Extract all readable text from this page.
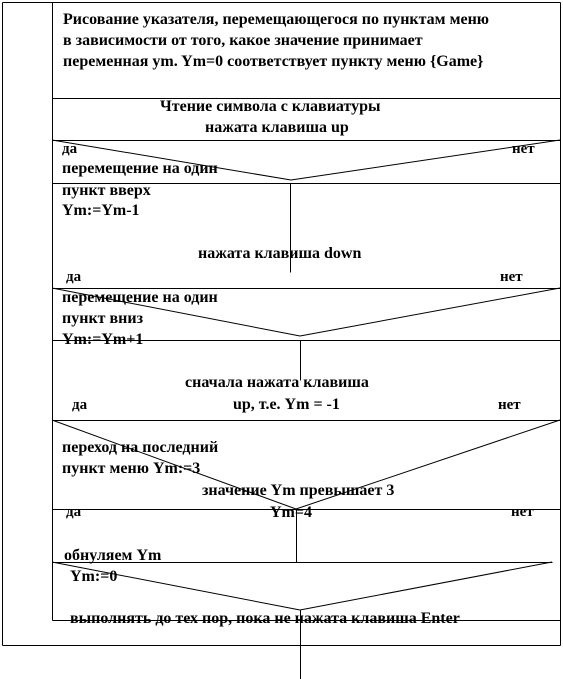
Рисование указателя, перемещающегося по пунктам меню
в зависимости от того, какое значение принимает
переменная ym. Ym=0 соответствует пункту меню {Game}
Чтение символа с клавиатуры
нажата клавиша up
да	нет
перемещение на один
пункт вверх
Ym:=Ym-1
нажата клавиша down
да	нет
перемещение на один
пункт вниз
Ym:=Ym+1
сначала нажата клавиша
up, т.е. Ym = -1
да	нет
переход на последний
пункт меню Ym:=3
значение Ym превышает 3
Ym=4
да	нет
обнуляем Ym
Ym:=0
выполнять до тех пор, пока не нажата клавиша Enter
